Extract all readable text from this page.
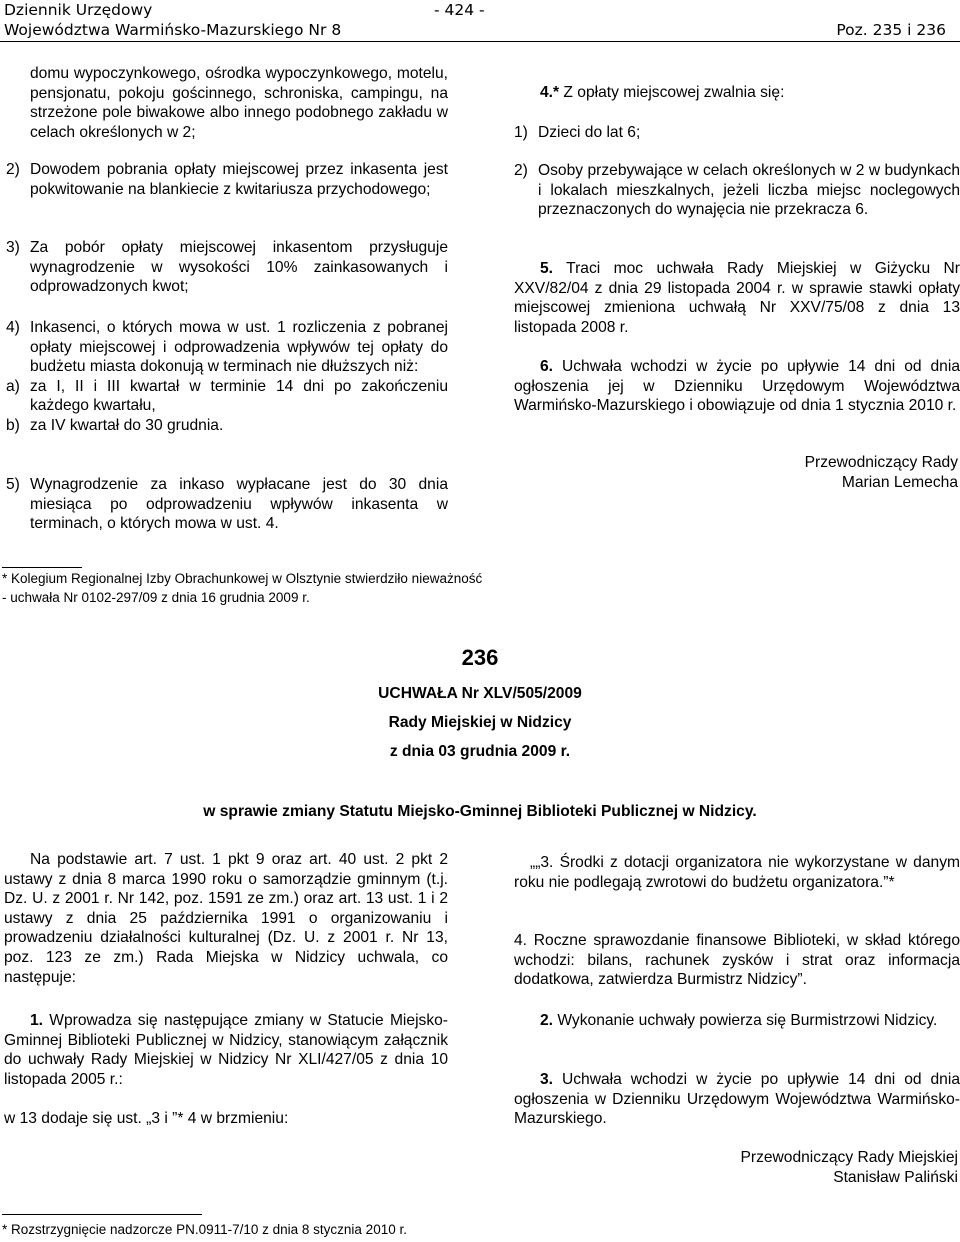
Dziennik Urzędowy
Województwa Warmińsko-Mazurskiego Nr 8
- 424 -
Poz. 235 i 236
domu wypoczynkowego, ośrodka wypoczynkowego, motelu, pensjonatu, pokoju gościnnego, schroniska, campingu, na strzeżone pole biwakowe albo innego podobnego zakładu w celach określonych w 2;
2) Dowodem pobrania opłaty miejscowej przez inkasenta jest pokwitowanie na blankiecie z kwitariusza przychodowego;
3) Za pobór opłaty miejscowej inkasentom przysługuje wynagrodzenie w wysokości 10% zainkasowanych i odprowadzonych kwot;
4) Inkasenci, o których mowa w ust. 1 rozliczenia z pobranej opłaty miejscowej i odprowadzenia wpływów tej opłaty do budżetu miasta dokonują w terminach nie dłuższych niż:
a) za I, II i III kwartał w terminie 14 dni po zakończeniu każdego kwartału,
b) za IV kwartał do 30 grudnia.
5) Wynagrodzenie za inkaso wypłacane jest do 30 dnia miesiąca po odprowadzeniu wpływów inkasenta w terminach, o których mowa w ust. 4.
4.* Z opłaty miejscowej zwalnia się:
1) Dzieci do lat 6;
2) Osoby przebywające w celach określonych w 2 w budynkach i lokalach mieszkalnych, jeżeli liczba miejsc noclegowych przeznaczonych do wynajęcia nie przekracza 6.
5. Traci moc uchwała Rady Miejskiej w Giżycku Nr XXV/82/04 z dnia 29 listopada 2004 r. w sprawie stawki opłaty miejscowej zmieniona uchwałą Nr XXV/75/08 z dnia 13 listopada 2008 r.
6. Uchwała wchodzi w życie po upływie 14 dni od dnia ogłoszenia jej w Dzienniku Urzędowym Województwa Warmińsko-Mazurskiego i obowiązuje od dnia 1 stycznia 2010 r.
Przewodniczący Rady
Marian Lemecha
* Kolegium Regionalnej Izby Obrachunkowej w Olsztynie stwierdziło nieważność
- uchwała Nr 0102-297/09 z dnia 16 grudnia 2009 r.
236
UCHWAŁA Nr XLV/505/2009
Rady Miejskiej w Nidzicy
z dnia 03 grudnia 2009 r.
w sprawie zmiany Statutu Miejsko-Gminnej Biblioteki Publicznej w Nidzicy.
Na podstawie art. 7 ust. 1 pkt 9 oraz art. 40 ust. 2 pkt 2 ustawy z dnia 8 marca 1990 roku o samorządzie gminnym (t.j. Dz. U. z 2001 r. Nr 142, poz. 1591 ze zm.) oraz art. 13 ust. 1 i 2 ustawy z dnia 25 października 1991 o organizowaniu i prowadzeniu działalności kulturalnej (Dz. U. z 2001 r. Nr 13, poz. 123 ze zm.) Rada Miejska w Nidzicy uchwala, co następuje:
1. Wprowadza się następujące zmiany w Statucie Miejsko-Gminnej Biblioteki Publicznej w Nidzicy, stanowiącym załącznik do uchwały Rady Miejskiej w Nidzicy Nr XLI/427/05 z dnia 10 listopada 2005 r.:
w 13 dodaje się ust. „3 i ”* 4 w brzmieniu:
„„3. Środki z dotacji organizatora nie wykorzystane w danym roku nie podlegają zwrotowi do budżetu organizatora.”*
4. Roczne sprawozdanie finansowe Biblioteki, w skład którego wchodzi: bilans, rachunek zysków i strat oraz informacja dodatkowa, zatwierdza Burmistrz Nidzicy”.
2. Wykonanie uchwały powierza się Burmistrzowi Nidzicy.
3. Uchwała wchodzi w życie po upływie 14 dni od dnia ogłoszenia w Dzienniku Urzędowym Województwa Warmińsko-Mazurskiego.
Przewodniczący Rady Miejskiej
Stanisław Paliński
* Rozstrzygnięcie nadzorcze PN.0911-7/10 z dnia 8 stycznia 2010 r.
